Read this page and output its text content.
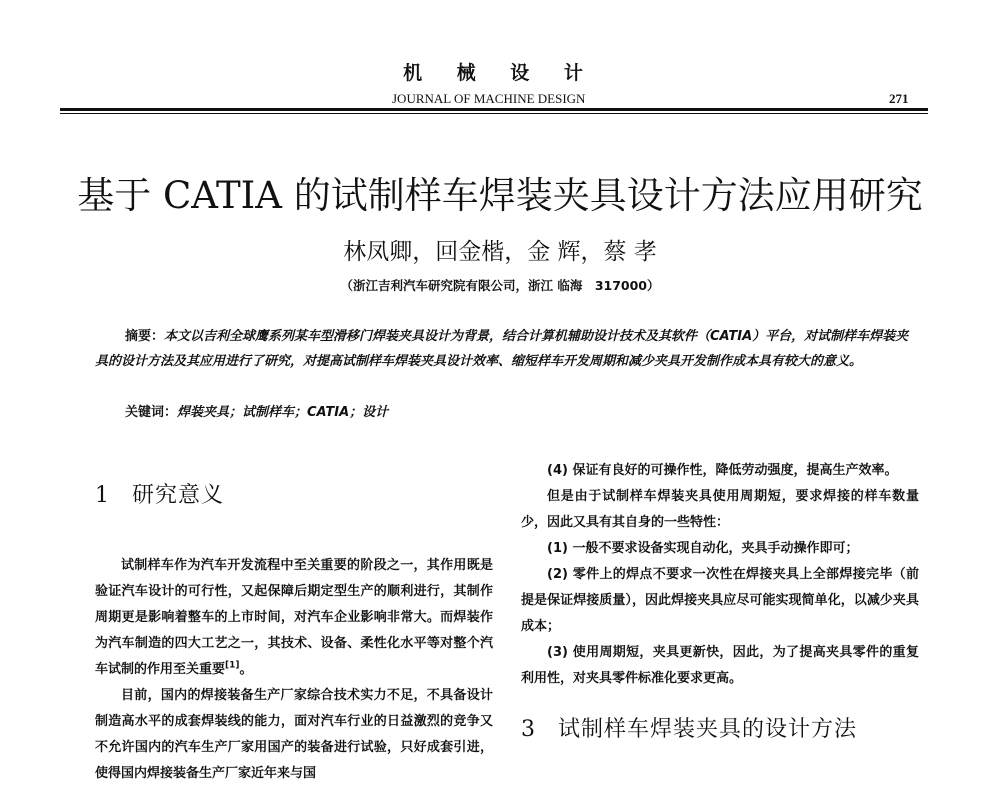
机 械 设 计
JOURNAL OF MACHINE DESIGN	271
基于 CATIA 的试制样车焊装夹具设计方法应用研究
林凤卿，回金楷，金 辉，蔡 孝
（浙江吉利汽车研究院有限公司，浙江 临海　317000）
摘要：本文以吉利全球鹰系列某车型滑移门焊装夹具设计为背景，结合计算机辅助设计技术及其软件（CATIA）平台，对试制样车焊装夹具的设计方法及其应用进行了研究，对提高试制样车焊装夹具设计效率、缩短样车开发周期和减少夹具开发制作成本具有较大的意义。
关键词：焊装夹具；试制样车；CATIA；设计
1 研究意义

试制样车作为汽车开发流程中至关重要的阶段之一，其作用既是验证汽车设计的可行性，又起保障后期定型生产的顺利进行，其制作周期更是影响着整车的上市时间，对汽车企业影响非常大。而焊装作为汽车制造的四大工艺之一，其技术、设备、柔性化水平等对整个汽车试制的作用至关重要[1]。

目前，国内的焊接装备生产厂家综合技术实力不足，不具备设计制造高水平的成套焊装线的能力，面对汽车行业的日益激烈的竞争又不允许国内的汽车生产厂家用国产的装备进行试验，只好成套引进，使得国内焊接装备生产厂家近年来与国

(4) 保证有良好的可操作性，降低劳动强度，提高生产效率。

但是由于试制样车焊装夹具使用周期短，要求焊接的样车数量少，因此又具有其自身的一些特性：

(1) 一般不要求设备实现自动化，夹具手动操作即可；

(2) 零件上的焊点不要求一次性在焊接夹具上全部焊接完毕（前提是保证焊接质量），因此焊接夹具应尽可能实现简单化，以减少夹具成本；

(3) 使用周期短，夹具更新快，因此，为了提高夹具零件的重复利用性，对夹具零件标准化要求更高。

3 试制样车焊装夹具的设计方法
